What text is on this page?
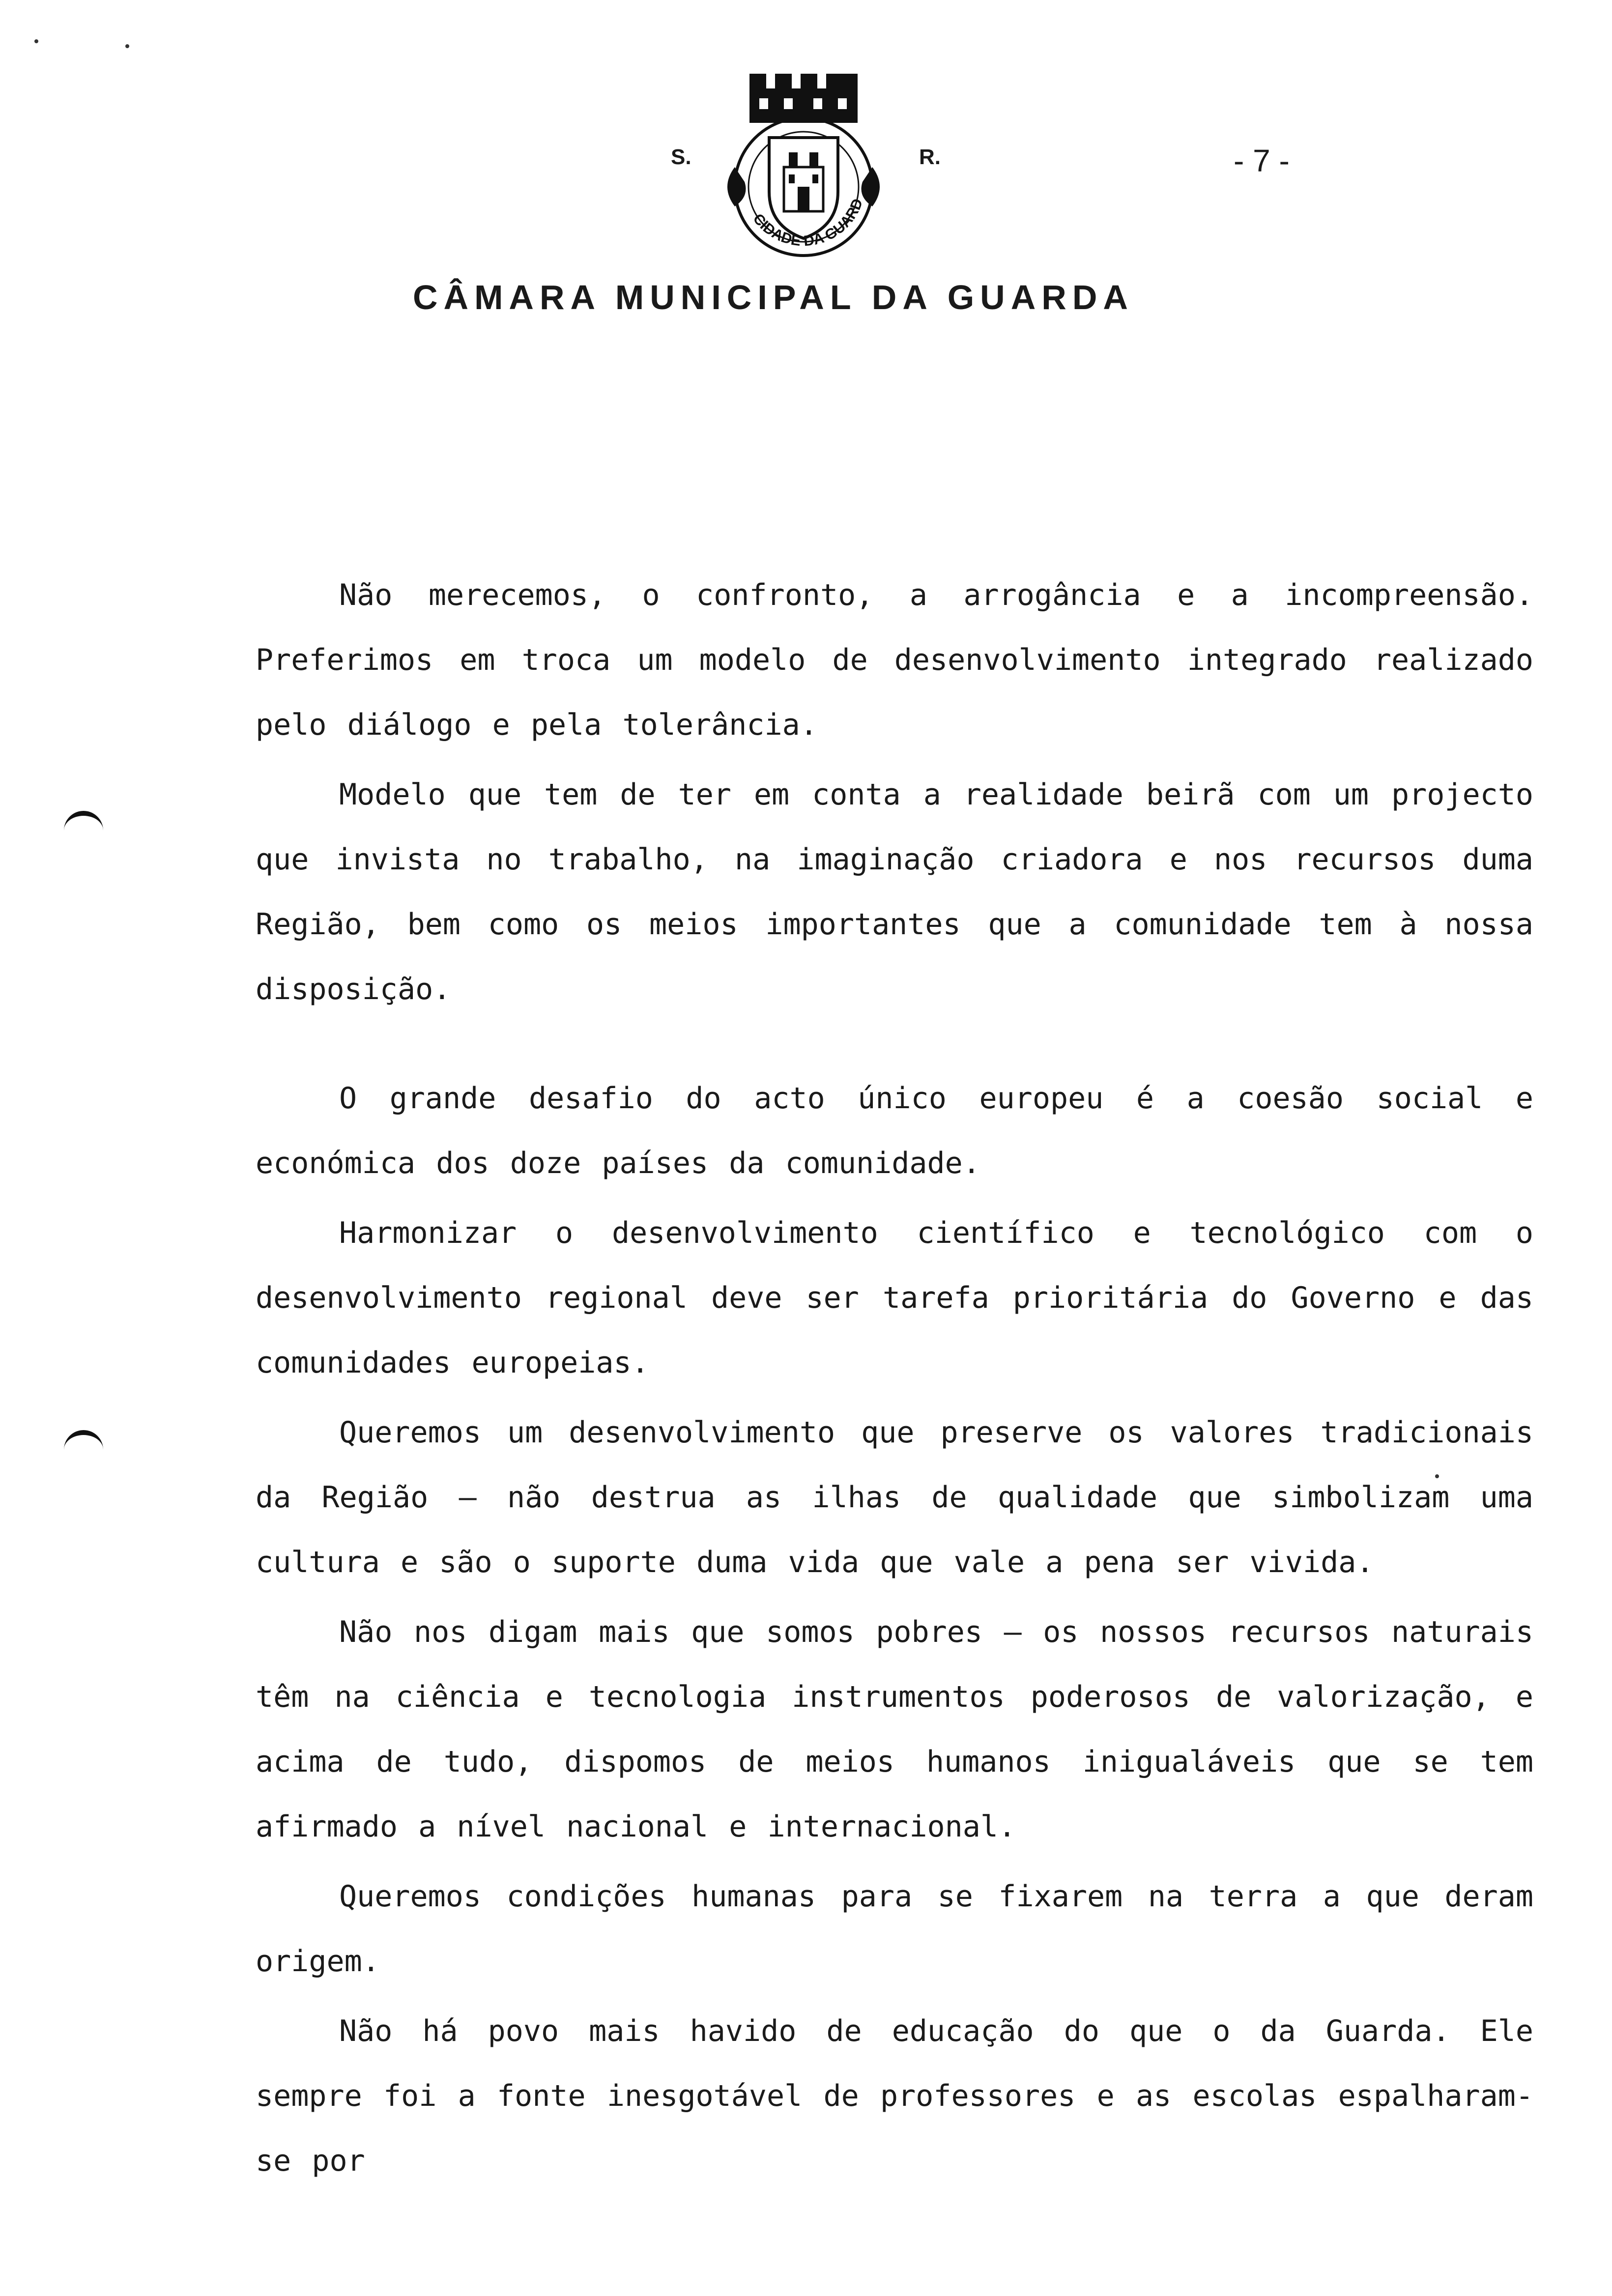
S.
CIDADE DA GUARD
R.	- 7 -
CÂMARA MUNICIPAL DA GUARDA

Não merecemos, o confronto, a arrogância e a incompreensão. Preferimos em troca um modelo de desenvolvimento integrado realizado pelo diálogo e pela tolerância.

Modelo que tem de ter em conta a realidade beirã com um projecto que invista no trabalho, na imaginação criadora e nos recursos duma Região, bem como os meios importantes que a comunidade tem à nossa disposição.

O grande desafio do acto único europeu é a coesão social e económica dos doze países da comunidade.

Harmonizar o desenvolvimento científico e tecnológico com o desenvolvimento regional deve ser tarefa prioritária do Governo e das comunidades europeias.

Queremos um desenvolvimento que preserve os valores tradicionais da Região — não destrua as ilhas de qualidade que simbolizam uma cultura e são o suporte duma vida que vale a pena ser vivida.

Não nos digam mais que somos pobres — os nossos recursos naturais têm na ciência e tecnologia instrumentos poderosos de valorização, e acima de tudo, dispomos de meios humanos inigualáveis que se tem afirmado a nível nacional e internacional.

Queremos condições humanas para se fixarem na terra a que deram origem.

Não há povo mais havido de educação do que o da Guarda. Ele sempre foi a fonte inesgotável de professores e as escolas espalharam-se por
